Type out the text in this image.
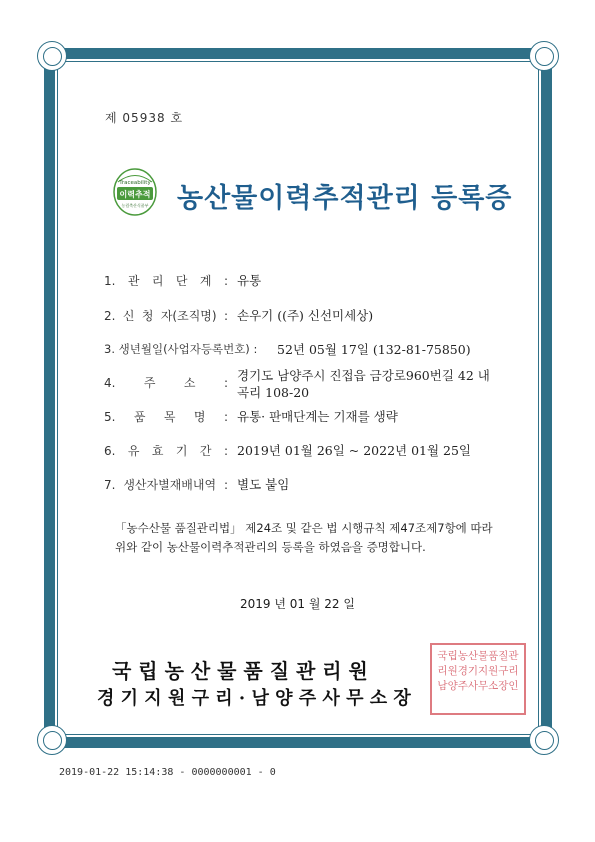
제 05938 호
Traceability
이력추적
농림축산식품부 농산물이력추적관리 등록증
1. 관 리 단 계 : 유통
2. 신 청 자(조직명) : 손우기 ((주) 신선미세상)
3. 생년월일(사업자등록번호) : 52년 05월 17일 (132-81-75850)
4. 주 소 : 경기도 남양주시 진접읍 금강로960번길 42 내
곡리 108-20
5. 품 목 명 : 유통· 판매단계는 기재를 생략
6. 유 효 기 간 : 2019년 01월 26일 ~ 2022년 01월 25일
7. 생산자별재배내역 : 별도 붙임
「농수산물 품질관리법」 제24조 및 같은 법 시행규칙 제47조제7항에 따라
위와 같이 농산물이력추적관리의 등록을 하였음을 증명합니다.
2019 년 01 월 22 일
국립농산물품질관리원경기지원구리남양주사무소장인
국 립 농 산 물 품 질 관 리 원
경 기 지 원 구 리 · 남 양 주 사 무 소 장
2019-01-22 15:14:38 - 0000000001 - 0
